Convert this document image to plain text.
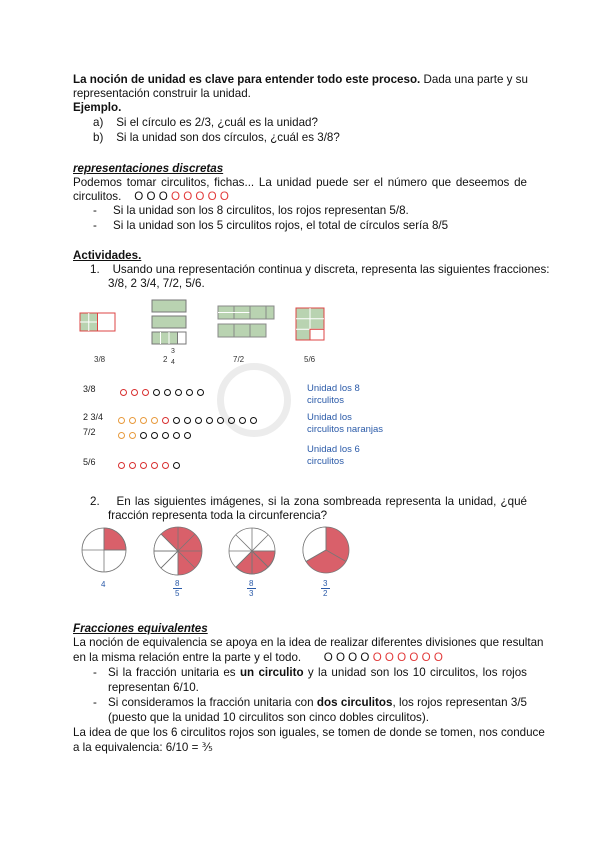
La noción de unidad es clave para entender todo este proceso. Dada una parte y su
representación construir la unidad.
Ejemplo.
a) Si el círculo es 2/3, ¿cuál es la unidad?
b) Si la unidad son dos círculos, ¿cuál es 3/8?
representaciones discretas
Podemos tomar circulitos, fichas... La unidad puede ser el número que deseemos de
circulitos. O O O O O O O O
-     Si la unidad son los 8 circulitos, los rojos representan 5/8.
-     Si la unidad son los 5 circulitos rojos, el total de círculos sería 8/5
Actividades.
1. Usando una representación continua y discreta, representa las siguientes fracciones:
3/8, 2 3/4, 7/2, 5/6.
3/8	2
3
4	7/2	5/6
3/8
2 3/4
7/2
5/6
Unidad los 8
circulitos
Unidad los
circulitos naranjas
Unidad los 6
circulitos
2. En las siguientes imágenes, si la zona sombreada representa la unidad, ¿qué
fracción representa toda la circunferencia?
4	8
5
8
3
3
2
Fracciones equivalentes
La noción de equivalencia se apoya en la idea de realizar diferentes divisiones que resultan
en la misma relación entre la parte y el todo. O O O O O O O O O O
- Si la fracción unitaria es un circulito y la unidad son los 10 circulitos, los rojos
representan 6/10.
- Si consideramos la fracción unitaria con dos circulitos, los rojos representan 3/5
(puesto que la unidad 10 circulitos son cinco dobles circulitos).
La idea de que los 6 circulitos rojos son iguales, se tomen de donde se tomen, nos conduce
a la equivalencia: 6/10 = ⅗
